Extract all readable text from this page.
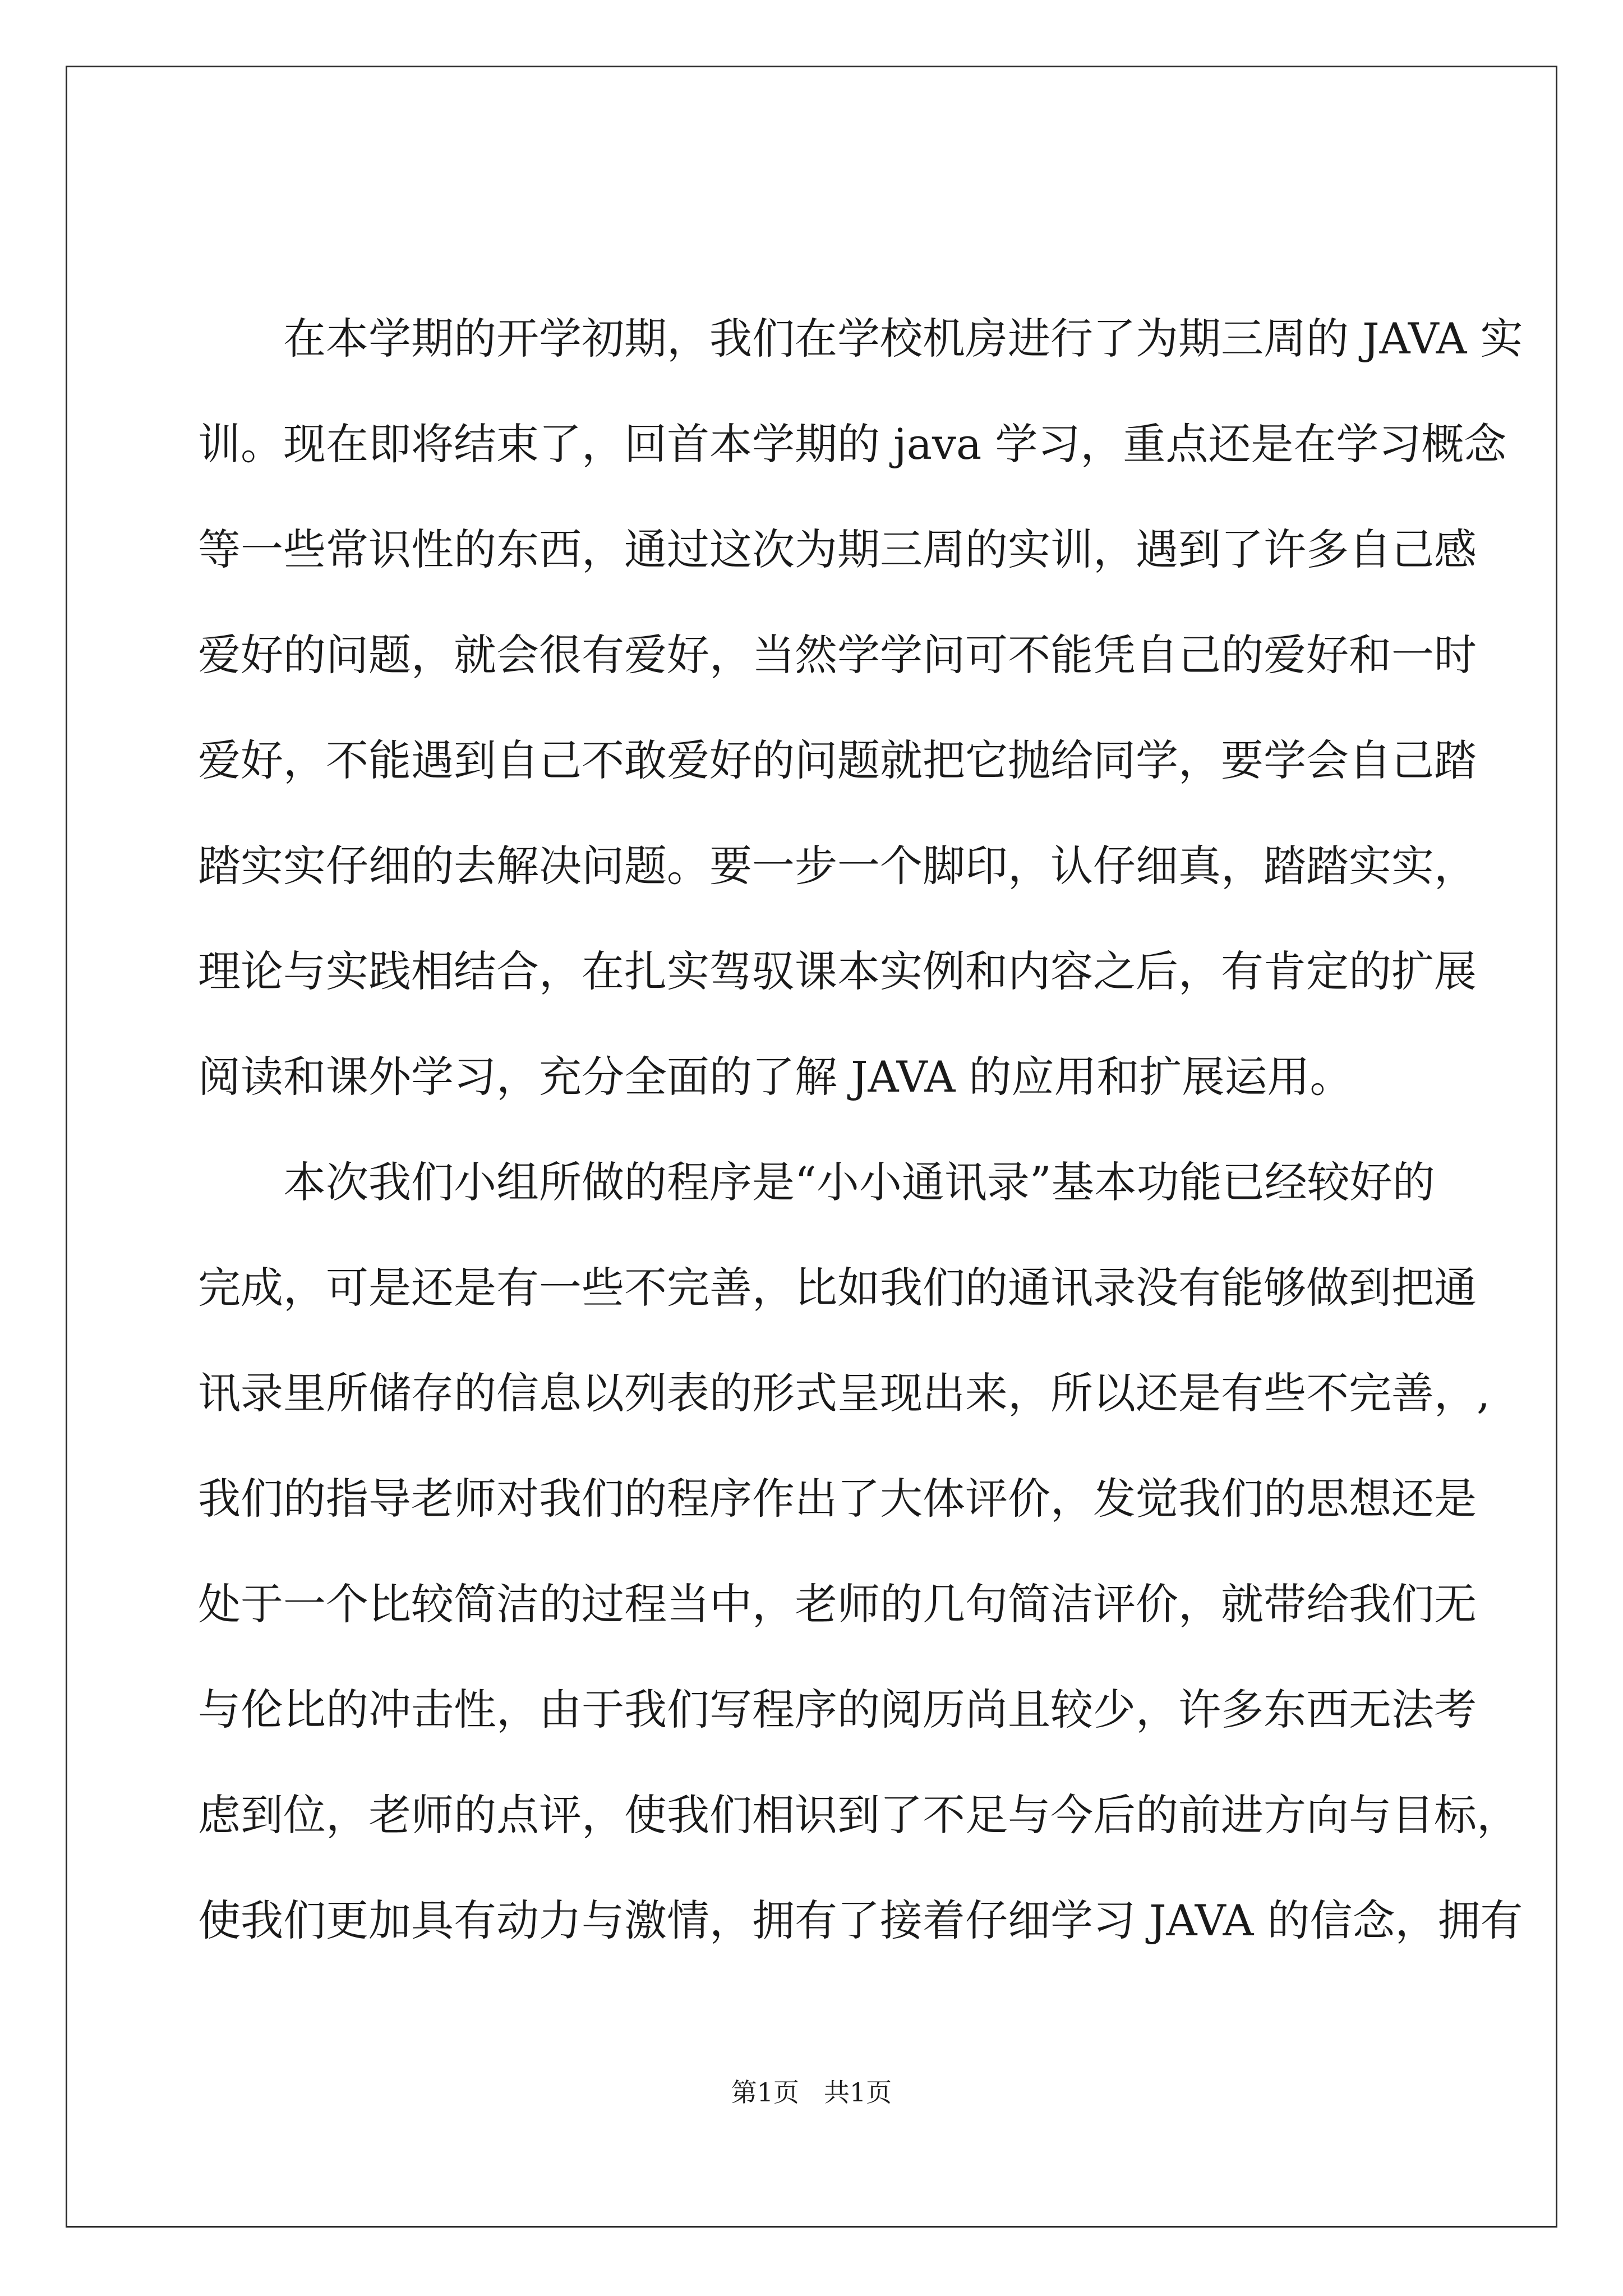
在本学期的开学初期，我们在学校机房进行了为期三周的 JAVA 实
训。现在即将结束了，回首本学期的 java 学习，重点还是在学习概念
等一些常识性的东西，通过这次为期三周的实训，遇到了许多自己感
爱好的问题，就会很有爱好，当然学学问可不能凭自己的爱好和一时
爱好，不能遇到自己不敢爱好的问题就把它抛给同学，要学会自己踏
踏实实仔细的去解决问题。要一步一个脚印，认仔细真，踏踏实实，
理论与实践相结合，在扎实驾驭课本实例和内容之后，有肯定的扩展
阅读和课外学习，充分全面的了解 JAVA 的应用和扩展运用。
本次我们小组所做的程序是“小小通讯录”基本功能已经较好的
完成，可是还是有一些不完善，比如我们的通讯录没有能够做到把通
讯录里所储存的信息以列表的形式呈现出来，所以还是有些不完善，,
我们的指导老师对我们的程序作出了大体评价，发觉我们的思想还是
处于一个比较简洁的过程当中，老师的几句简洁评价，就带给我们无
与伦比的冲击性，由于我们写程序的阅历尚且较少，许多东西无法考
虑到位，老师的点评，使我们相识到了不足与今后的前进方向与目标，
使我们更加具有动力与激情，拥有了接着仔细学习 JAVA 的信念，拥有
第1页 共1页
